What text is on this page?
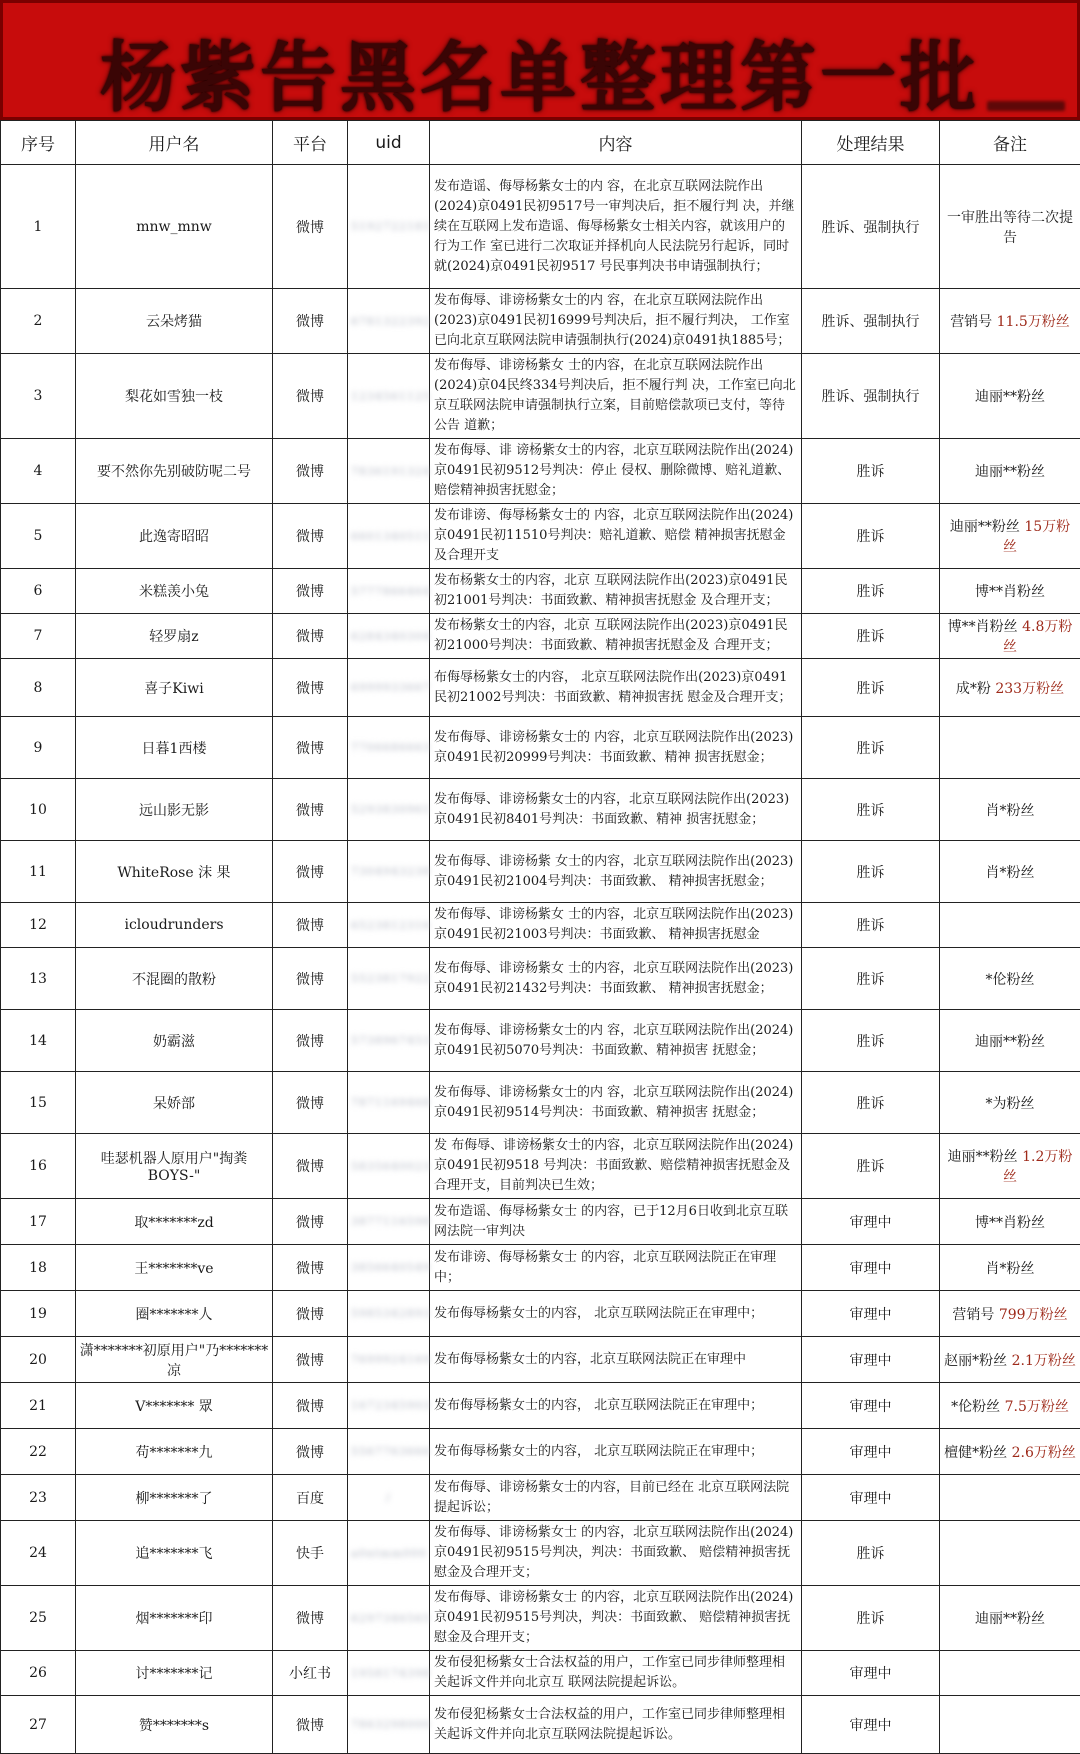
杨紫告黑名单整理第一批
序号	用户名	平台	uid	内容	处理结果	备注
1	mnw_mnw	微博	5192722181	发布造谣、侮辱杨紫女士的内 容，在北京互联网法院作出(2024)京0491民初9517号一审判决后，拒不履行判 决，并继续在互联网上发布造谣、侮辱杨紫女士相关内容，就该用户的行为工作 室已进行二次取证并择机向人民法院另行起诉，同时就(2024)京0491民初9517 号民事判决书申请强制执行；	胜诉、强制执行	一审胜出等待二次提告
2	云朵烤猫	微博	6781322392	发布侮辱、诽谤杨紫女士的内 容，在北京互联网法院作出(2023)京0491民初16999号判决后，拒不履行判决， 工作室已向北京互联网法院申请强制执行(2024)京0491执1885号；	胜诉、强制执行	营销号 11.5万粉丝
3	梨花如雪独一枝	微博	1234561125	发布侮辱、诽谤杨紫女 士的内容，在北京互联网法院作出(2024)京04民终334号判决后，拒不履行判 决，工作室已向北京互联网法院申请强制执行立案，目前赔偿款项已支付，等待公告 道歉；	胜诉、强制执行	迪丽**粉丝
4	要不然你先别破防呢二号	微博	7836191324	发布侮辱、诽 谤杨紫女士的内容，北京互联网法院作出(2024)京0491民初9512号判决：停止 侵权、删除微博、赔礼道歉、赔偿精神损害抚慰金；	胜诉	迪丽**粉丝
5	此逸寄昭昭	微博	6601340511	发布诽谤、侮辱杨紫女士的 内容，北京互联网法院作出(2024)京0491民初11510号判决：赔礼道歉、赔偿 精神损害抚慰金及合理开支	胜诉	迪丽**粉丝 15万粉丝
6	米糕羡小兔	微博	5777866464	发布杨紫女士的内容，北京 互联网法院作出(2023)京0491民初21001号判决：书面致歉、精神损害抚慰金 及合理开支；	胜诉	博**肖粉丝
7	轻罗扇z	微博	6284340304	发布杨紫女士的内容，北京 互联网法院作出(2023)京0491民初21000号判决：书面致歉、精神损害抚慰金及 合理开支；	胜诉	博**肖粉丝 4.8万粉丝
8	喜子Kiwi	微博	6999933667	布侮辱杨紫女士的内容， 北京互联网法院作出(2023)京0491民初21002号判决：书面致歉、精神损害抚 慰金及合理开支；	胜诉	成*粉 233万粉丝
9	日暮1西楼	微博	7706686663	发布侮辱、诽谤杨紫女士的 内容，北京互联网法院作出(2023)京0491民初20999号判决：书面致歉、精神 损害抚慰金；	胜诉	
10	远山影无影	微博	5293830961	发布侮辱、诽谤杨紫女士的内容，北京互联网法院作出(2023)京0491民初8401号判决：书面致歉、精神 损害抚慰金；	胜诉	肖*粉丝
11	WhiteRose 沫 果	微博	7304943238	发布侮辱、诽谤杨紫 女士的内容，北京互联网法院作出(2023)京0491民初21004号判决：书面致歉、 精神损害抚慰金；	胜诉	肖*粉丝
12	icloudrunders	微博	6523812316	发布侮辱、诽谤杨紫女 士的内容，北京互联网法院作出(2023)京0491民初21003号判决：书面致歉、 精神损害抚慰金	胜诉	
13	不混圈的散粉	微博	5523817922	发布侮辱、诽谤杨紫女 士的内容，北京互联网法院作出(2023)京0491民初21432号判决：书面致歉、 精神损害抚慰金；	胜诉	*伦粉丝
14	奶霸滋	微博	5738967453	发布侮辱、诽谤杨紫女士的内 容，北京互联网法院作出(2024)京0491民初5070号判决：书面致歉、精神损害 抚慰金；	胜诉	迪丽**粉丝
15	呆娇部	微博	7871169468	发布侮辱、诽谤杨紫女士的内 容，北京互联网法院作出(2024)京0491民初9514号判决：书面致歉、精神损害 抚慰金；	胜诉	*为粉丝
16	哇瑟机器人原用户"掏粪BOYS-"	微博	5835640023	发 布侮辱、诽谤杨紫女士的内容，北京互联网法院作出(2024)京0491民初9518 号判决：书面致歉、赔偿精神损害抚慰金及合理开支，目前判决已生效；	胜诉	迪丽**粉丝 1.2万粉丝
17	取*******zd	微博	3877116598	发布造谣、侮辱杨紫女士 的内容，已于12月6日收到北京互联网法院一审判决	审理中	博**肖粉丝
18	王*******ve	微博	3856640549	发布诽谤、侮辱杨紫女士 的内容，北京互联网法院正在审理中；	审理中	肖*粉丝
19	圈*******人	微博	5985342893	发布侮辱杨紫女士的内容， 北京互联网法院正在审理中；	审理中	营销号 799万粉丝
20	潇*******初原用户"乃*******凉	微博	7699924169	发布侮辱杨紫女士的内容，北京互联网法院正在审理中	审理中	赵丽*粉丝 2.1万粉丝
21	V******* 眾	微博	1672345903	发布侮辱杨紫女士的内容， 北京互联网法院正在审理中；	审理中	*伦粉丝 7.5万粉丝
22	苟*******九	微博	5567763666	发布侮辱杨紫女士的内容， 北京互联网法院正在审理中；	审理中	檀健*粉丝 2.6万粉丝
23	柳*******了	百度	/	发布侮辱、诽谤杨紫女士的内容，目前已经在 北京互联网法院提起诉讼；	审理中	
24	追*******飞	快手	a0ntmm000	发布侮辱、诽谤杨紫女士 的内容，北京互联网法院作出(2024)京0491民初9515号判决，判决：书面致歉、 赔偿精神损害抚慰金及合理开支；	胜诉	
25	烟*******印	微博	6297346565	发布侮辱、诽谤杨紫女士 的内容，北京互联网法院作出(2024)京0491民初9515号判决，判决：书面致歉、 赔偿精神损害抚慰金及合理开支；	胜诉	迪丽**粉丝
26	讨*******记	小红书	1958174398	发布侵犯杨紫女士合法权益的用户，工作室已同步律师整理相关起诉文件并向北京互 联网法院提起诉讼。	审理中	
27	赞*******s	微博	7863298000	发布侵犯杨紫女士合法权益的用户，工作室已同步律师整理相关起诉文件并向北京互联网法院提起诉讼。	审理中	
